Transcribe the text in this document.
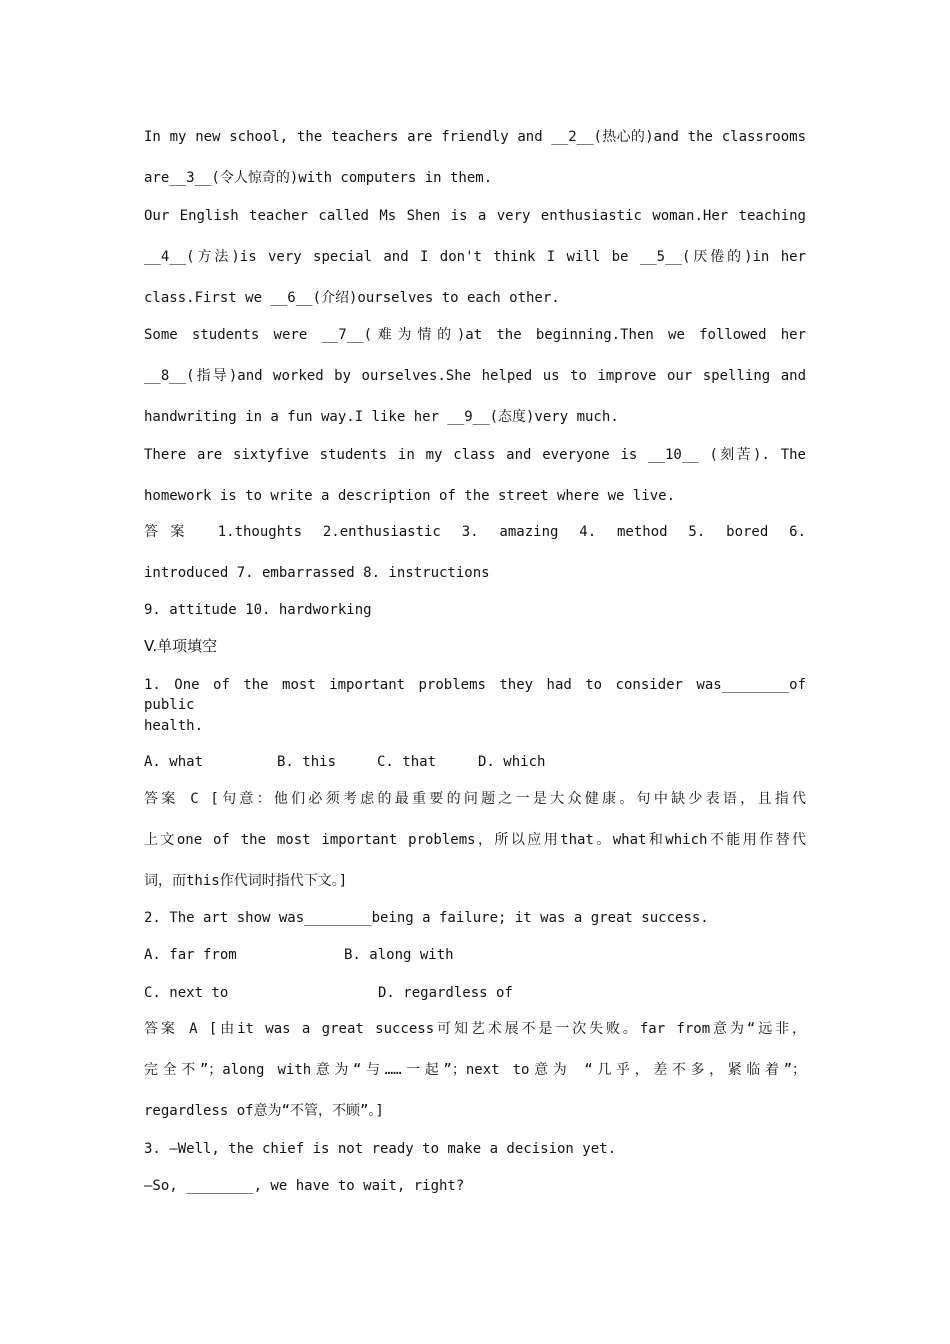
In my new school, the teachers are friendly and __2__(热心的)and the classrooms
are__3__(令人惊奇的)with computers in them.
Our English teacher called Ms Shen is a very enthusiastic woman.Her teaching
__4__(方法)is very special and I don't think I will be __5__(厌倦的)in her
class.First we __6__(介绍)ourselves to each other.
Some students were __7__(难为情的)at the beginning.Then we followed her
__8__(指导)and worked by ourselves.She helped us to improve our spelling and
handwriting in a fun way.I like her __9__(态度)very much.
There are sixtyfive students in my class and everyone is __10__ (刻苦). The
homework is to write a description of the street where we live.
答案 1.thoughts 2.enthusiastic 3. amazing 4. method 5. bored 6.
introduced 7. embarrassed 8. instructions
9. attitude 10. hardworking
V.单项填空
1. One of the most important problems they had to consider was________of public
health.
A. what	B. this	C. that	D. which
答案 C [句意：他们必须考虑的最重要的问题之一是大众健康。句中缺少表语，且指代
上文one of the most important problems，所以应用that。what和which不能用作替代
词，而this作代词时指代下文。]
2. The art show was________being a failure; it was a great success.
A. far from	B. along with
C. next to	D. regardless of
答案 A [由it was a great success可知艺术展不是一次失败。far from意为“远非，
完全不”；along with意为“与……一起”；next to意为 “几乎，差不多，紧临着”；
regardless of意为“不管，不顾”。]
3. —Well, the chief is not ready to make a decision yet.
—So, ________, we have to wait, right?
